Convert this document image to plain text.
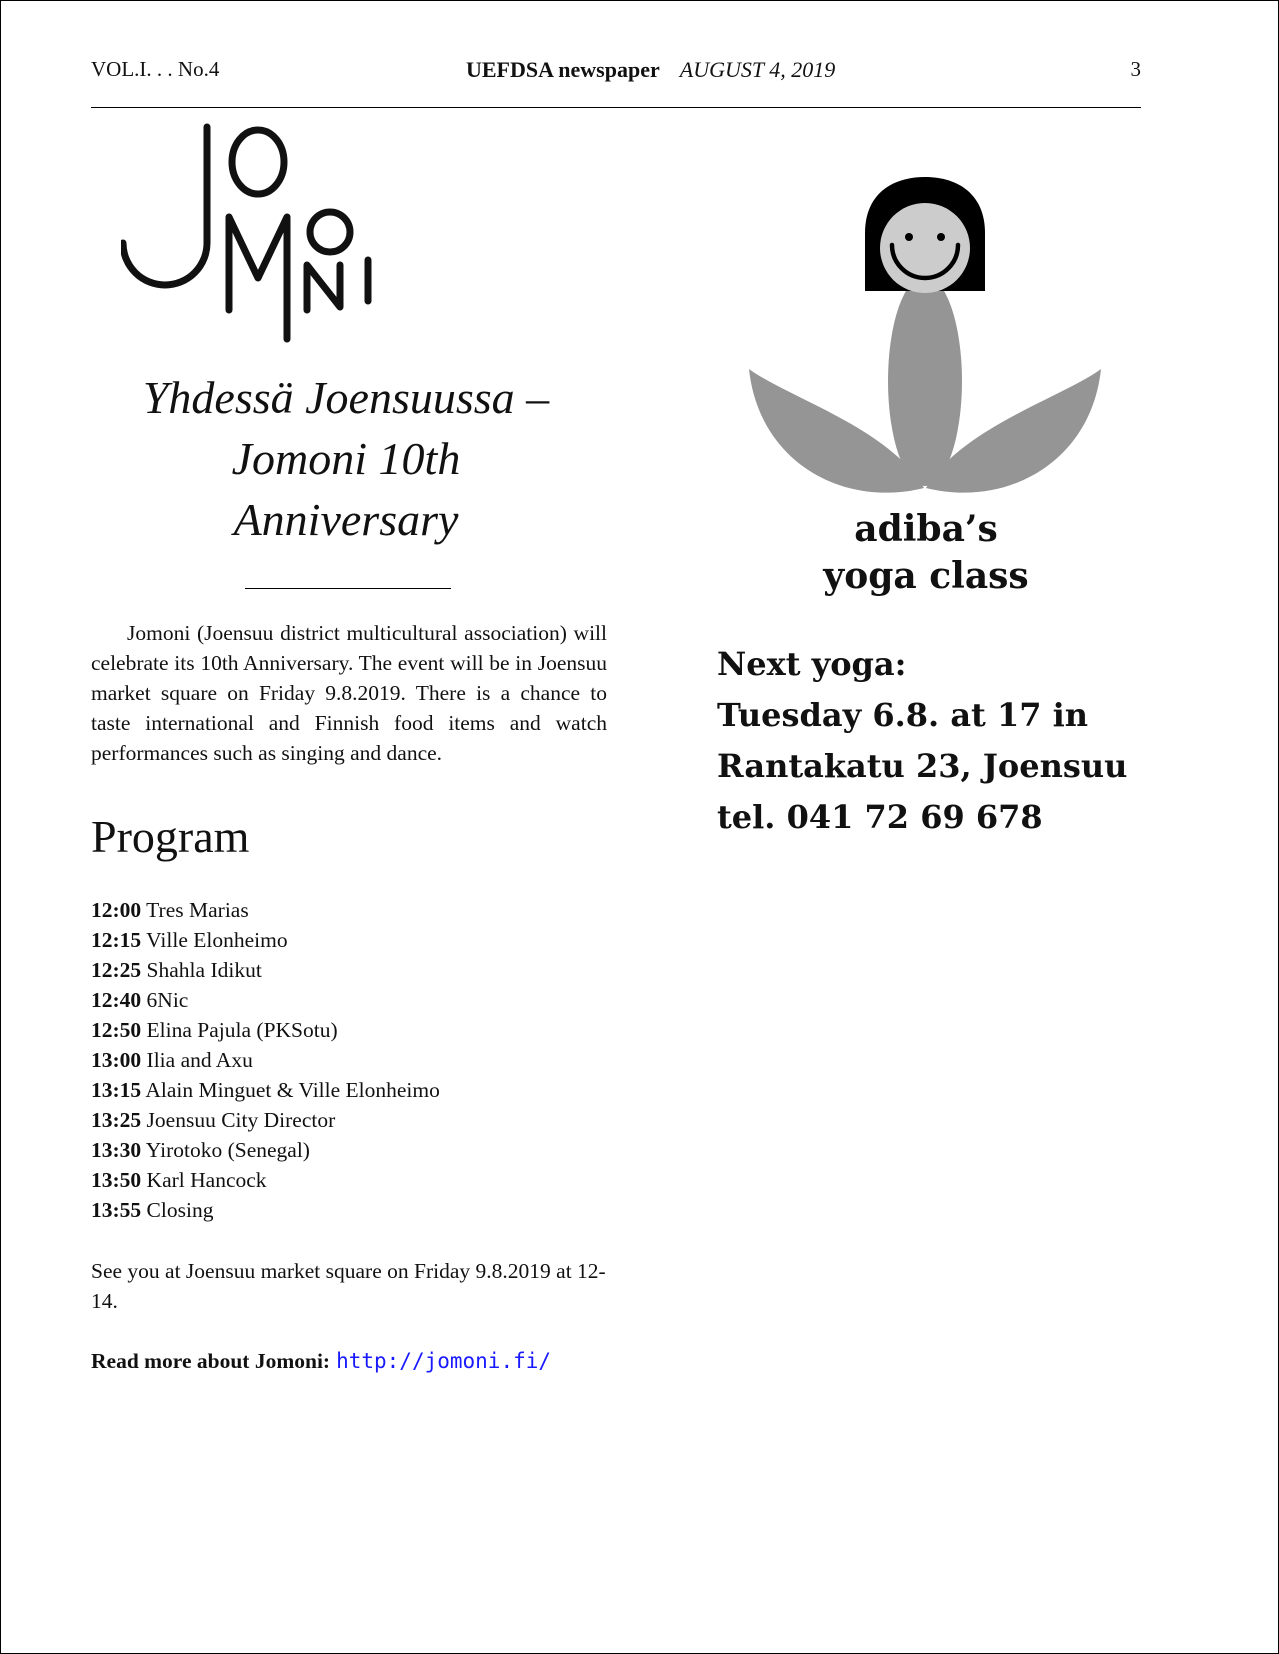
VOL.I. . . No.4	UEFDSA newspaper AUGUST 4, 2019	3
Yhdessä Joensuussa –
Jomoni 10th
Anniversary

Jomoni (Joensuu district multicultural association) will celebrate its 10th Anniversary. The event will be in Joensuu market square on Friday 9.8.2019. There is a chance to taste international and Finnish food items and watch performances such as singing and dance.

Program
12:00 Tres Marias
12:15 Ville Elonheimo
12:25 Shahla Idikut
12:40 6Nic
12:50 Elina Pajula (PKSotu)
13:00 Ilia and Axu
13:15 Alain Minguet & Ville Elonheimo
13:25 Joensuu City Director
13:30 Yirotoko (Senegal)
13:50 Karl Hancock
13:55 Closing

See you at Joensuu market square on Friday 9.8.2019 at 12-14.

Read more about Jomoni: http://jomoni.fi/
adiba’s
yoga class
Next yoga:
Tuesday 6.8. at 17 in
Rantakatu 23, Joensuu
tel. 041 72 69 678
